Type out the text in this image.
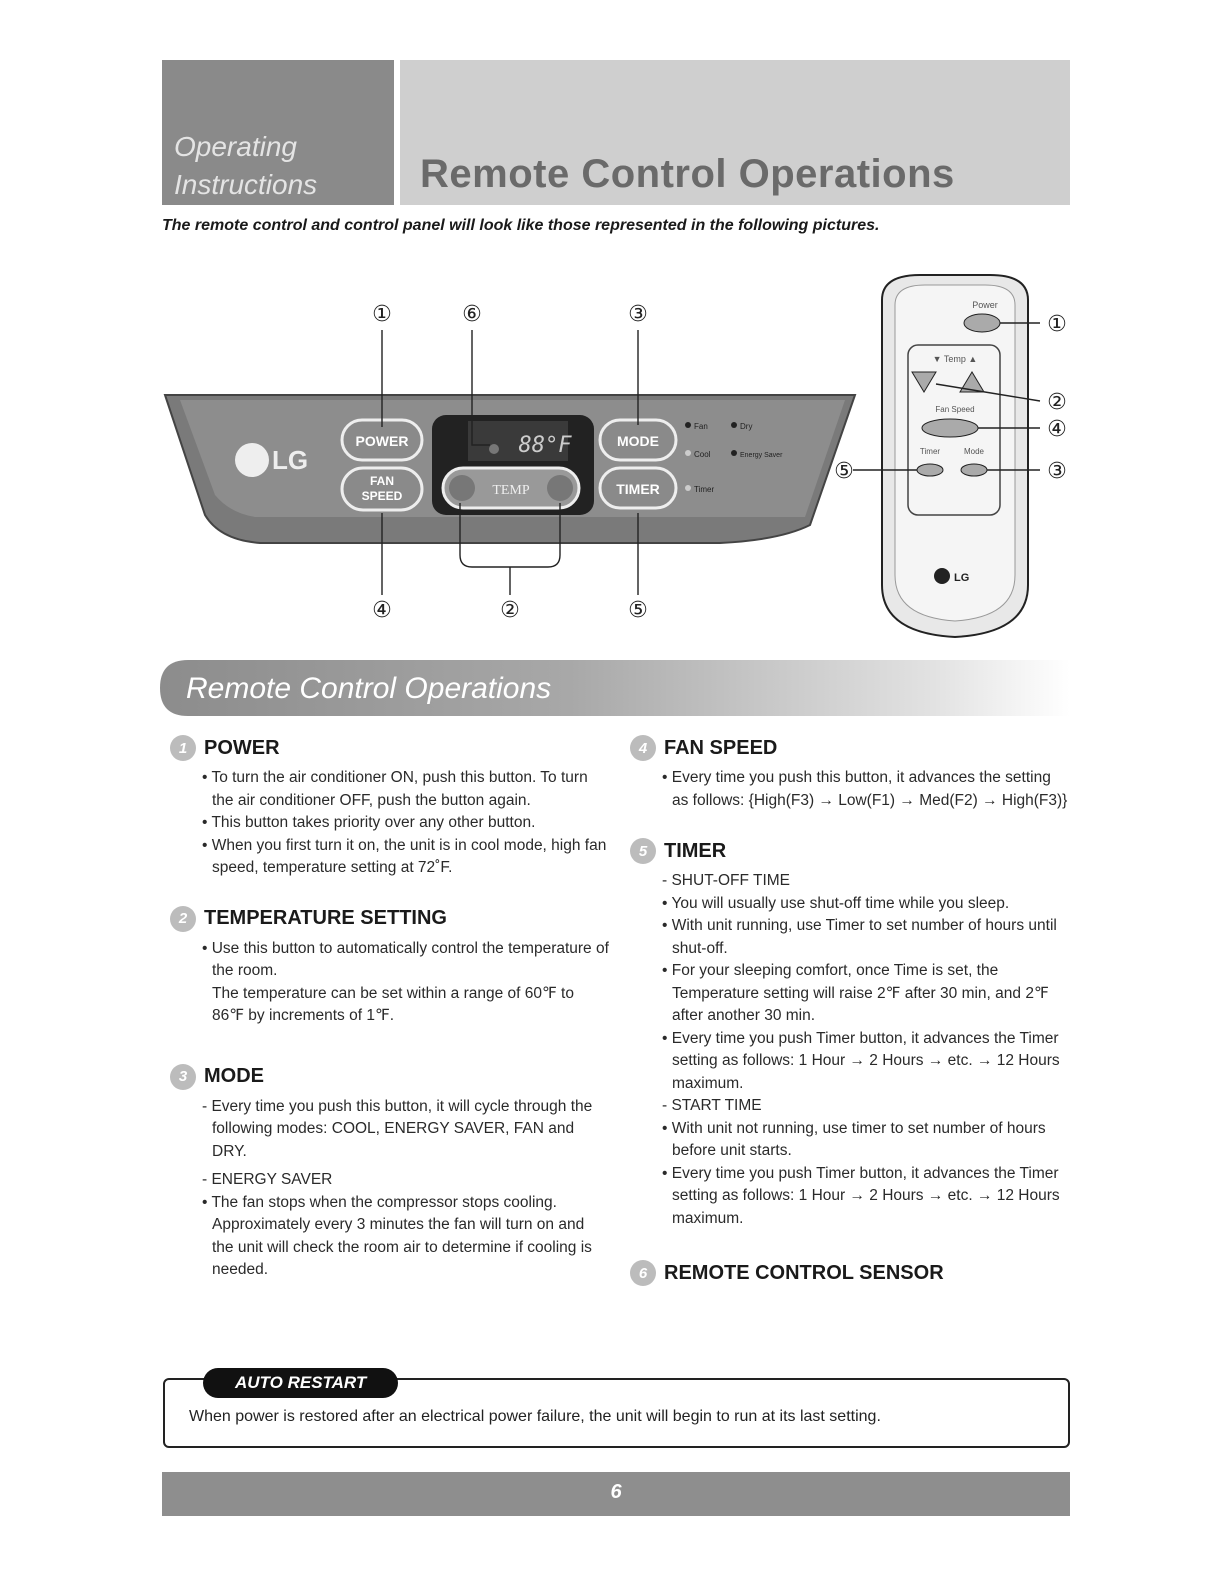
Operating
Instructions	Remote Control Operations
The remote control and control panel will look like those represented in the following pictures.
LG
POWER
FAN
SPEED
88°F
TEMP
MODE
TIMER
Fan	Dry
Cool	Energy Saver
Timer
①	⑥	③
④	②	⑤
Power
▼ Temp ▲
Fan Speed
Timer	Mode
LG
①
②
④
③
⑤
Remote Control Operations
1 POWER
• To turn the air conditioner ON, push this button. To turn the air conditioner OFF, push the button again.
• This button takes priority over any other button.
• When you first turn it on, the unit is in cool mode, high fan speed, temperature setting at 72˚F.
2 TEMPERATURE SETTING
• Use this button to automatically control the temperature of the room.
The temperature can be set within a range of 60℉ to 86℉ by increments of 1℉.
3 MODE
- Every time you push this button, it will cycle through the following modes: COOL, ENERGY SAVER, FAN and DRY.
- ENERGY SAVER
• The fan stops when the compressor stops cooling. Approximately every 3 minutes the fan will turn on and the unit will check the room air to determine if cooling is needed.
4 FAN SPEED
• Every time you push this button, it advances the setting as follows: {High(F3) → Low(F1) → Med(F2) → High(F3)}
5 TIMER
- SHUT-OFF TIME
• You will usually use shut-off time while you sleep.
• With unit running, use Timer to set number of hours until shut-off.
• For your sleeping comfort, once Time is set, the Temperature setting will raise 2℉ after 30 min, and 2℉ after another 30 min.
• Every time you push Timer button, it advances the Timer setting as follows: 1 Hour → 2 Hours → etc. → 12 Hours maximum.
- START TIME
• With unit not running, use timer to set number of hours before unit starts.
• Every time you push Timer button, it advances the Timer setting as follows: 1 Hour → 2 Hours → etc. → 12 Hours maximum.
6 REMOTE CONTROL SENSOR
AUTO RESTART
When power is restored after an electrical power failure, the unit will begin to run at its last setting.
6
